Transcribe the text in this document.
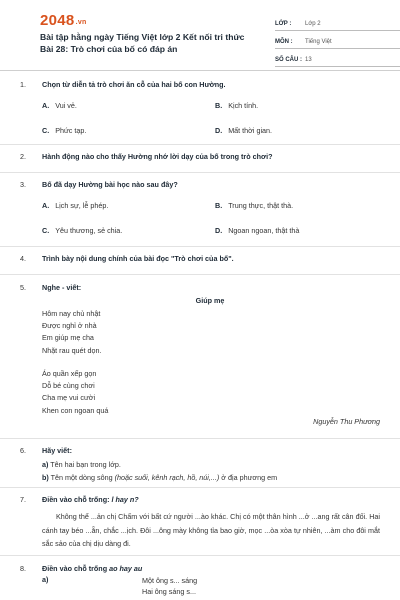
2048.vn
Bài tập hằng ngày Tiếng Việt lớp 2 Kết nối tri thức Bài 28: Trò chơi của bố có đáp án
LỚP :	Lớp 2
MÔN :	Tiếng Việt
SỐ CÂU : 13
1.	Chọn từ diễn tả trò chơi ăn cỗ của hai bố con Hường.
A. Vui vẻ.	B. Kịch tính.
C. Phức tạp.	D. Mất thời gian.
2.	Hành động nào cho thấy Hường nhớ lời dạy của bố trong trò chơi?
3.	Bố đã dạy Hường bài học nào sau đây?
A. Lịch sự, lễ phép.	B. Trung thực, thật thà.
C. Yêu thương, sẻ chia.	D. Ngoan ngoan, thật thà
4.	Trình bày nội dung chính của bài đọc "Trò chơi của bố".
5.	Nghe - viết:
Giúp mẹ
Hôm nay chủ nhật
Được nghỉ ở nhà
Em giúp mẹ cha
Nhặt rau quét dọn.
Áo quần xếp gọn
Dỗ bé cùng chơi
Cha mẹ vui cười
Khen con ngoan quá
Nguyễn Thu Phương
6.	Hãy viết:
a) Tên hai bạn trong lớp.
b) Tên một dòng sông (hoặc suối, kênh rạch, hồ, núi,...) ở địa phương em
7.	Điền vào chỗ trống: l hay n?
Không thể ...ản chị Chấm với bất cứ người ...ào khác. Chị có một thân hình ...ở ...ang rất cân đối. Hai cánh tay béo ...ẵn, chắc ...ịch. Đôi ...ông mày không tỉa bao giờ, mọc ...òa xòa tự nhiên, ...àm cho đôi mắt sắc sảo của chị dịu dàng đi.
8.	Điền vào chỗ trống ao hay au
a)	Một ông s... sáng
Hai ông sáng s...
